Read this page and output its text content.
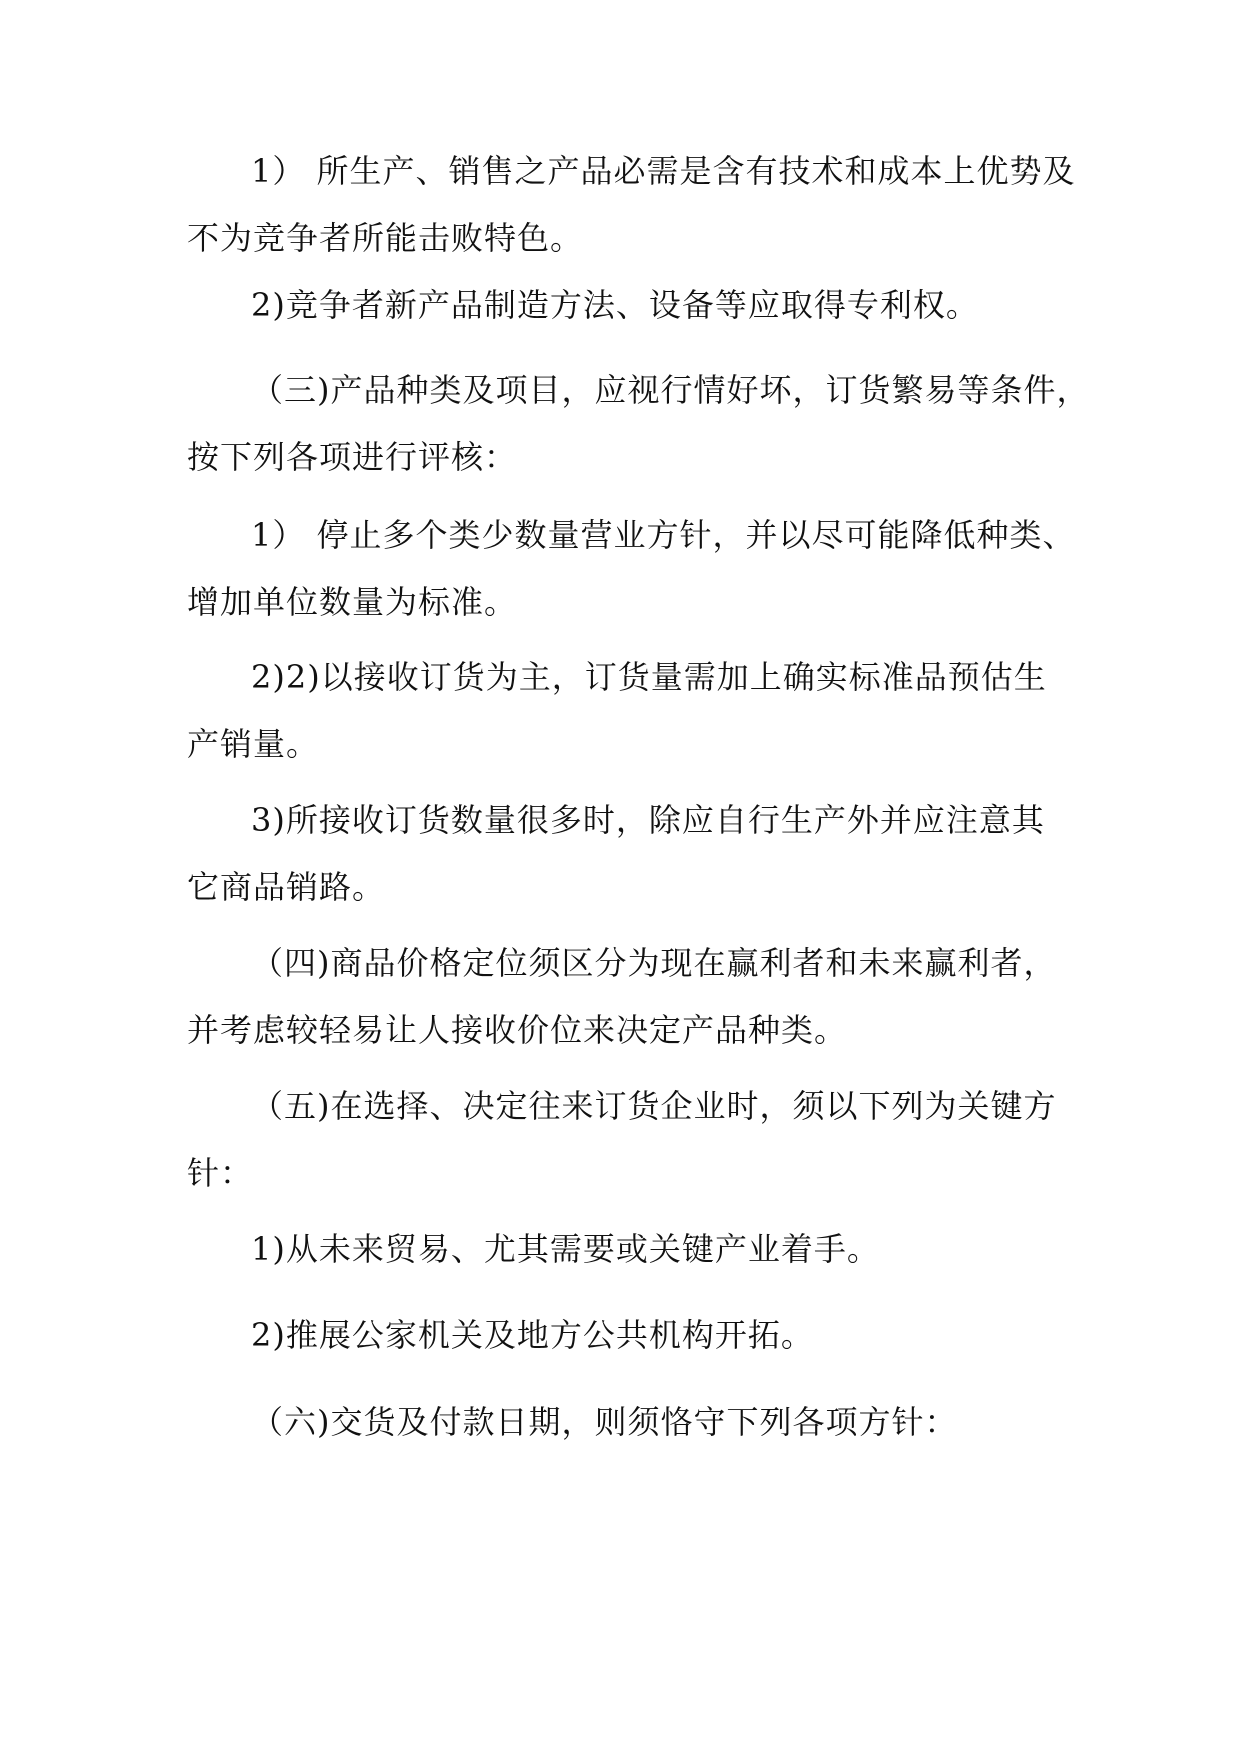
1） 所生产、销售之产品必需是含有技术和成本上优势及
不为竞争者所能击败特色。

2)竞争者新产品制造方法、设备等应取得专利权。

（三)产品种类及项目，应视行情好坏，订货繁易等条件，
按下列各项进行评核：

1） 停止多个类少数量营业方针，并以尽可能降低种类、
增加单位数量为标准。

2)2)以接收订货为主，订货量需加上确实标准品预估生
产销量。

3)所接收订货数量很多时，除应自行生产外并应注意其
它商品销路。

（四)商品价格定位须区分为现在赢利者和未来赢利者，
并考虑较轻易让人接收价位来决定产品种类。

（五)在选择、决定往来订货企业时，须以下列为关键方
针：

1)从未来贸易、尤其需要或关键产业着手。

2)推展公家机关及地方公共机构开拓。

（六)交货及付款日期，则须恪守下列各项方针：
